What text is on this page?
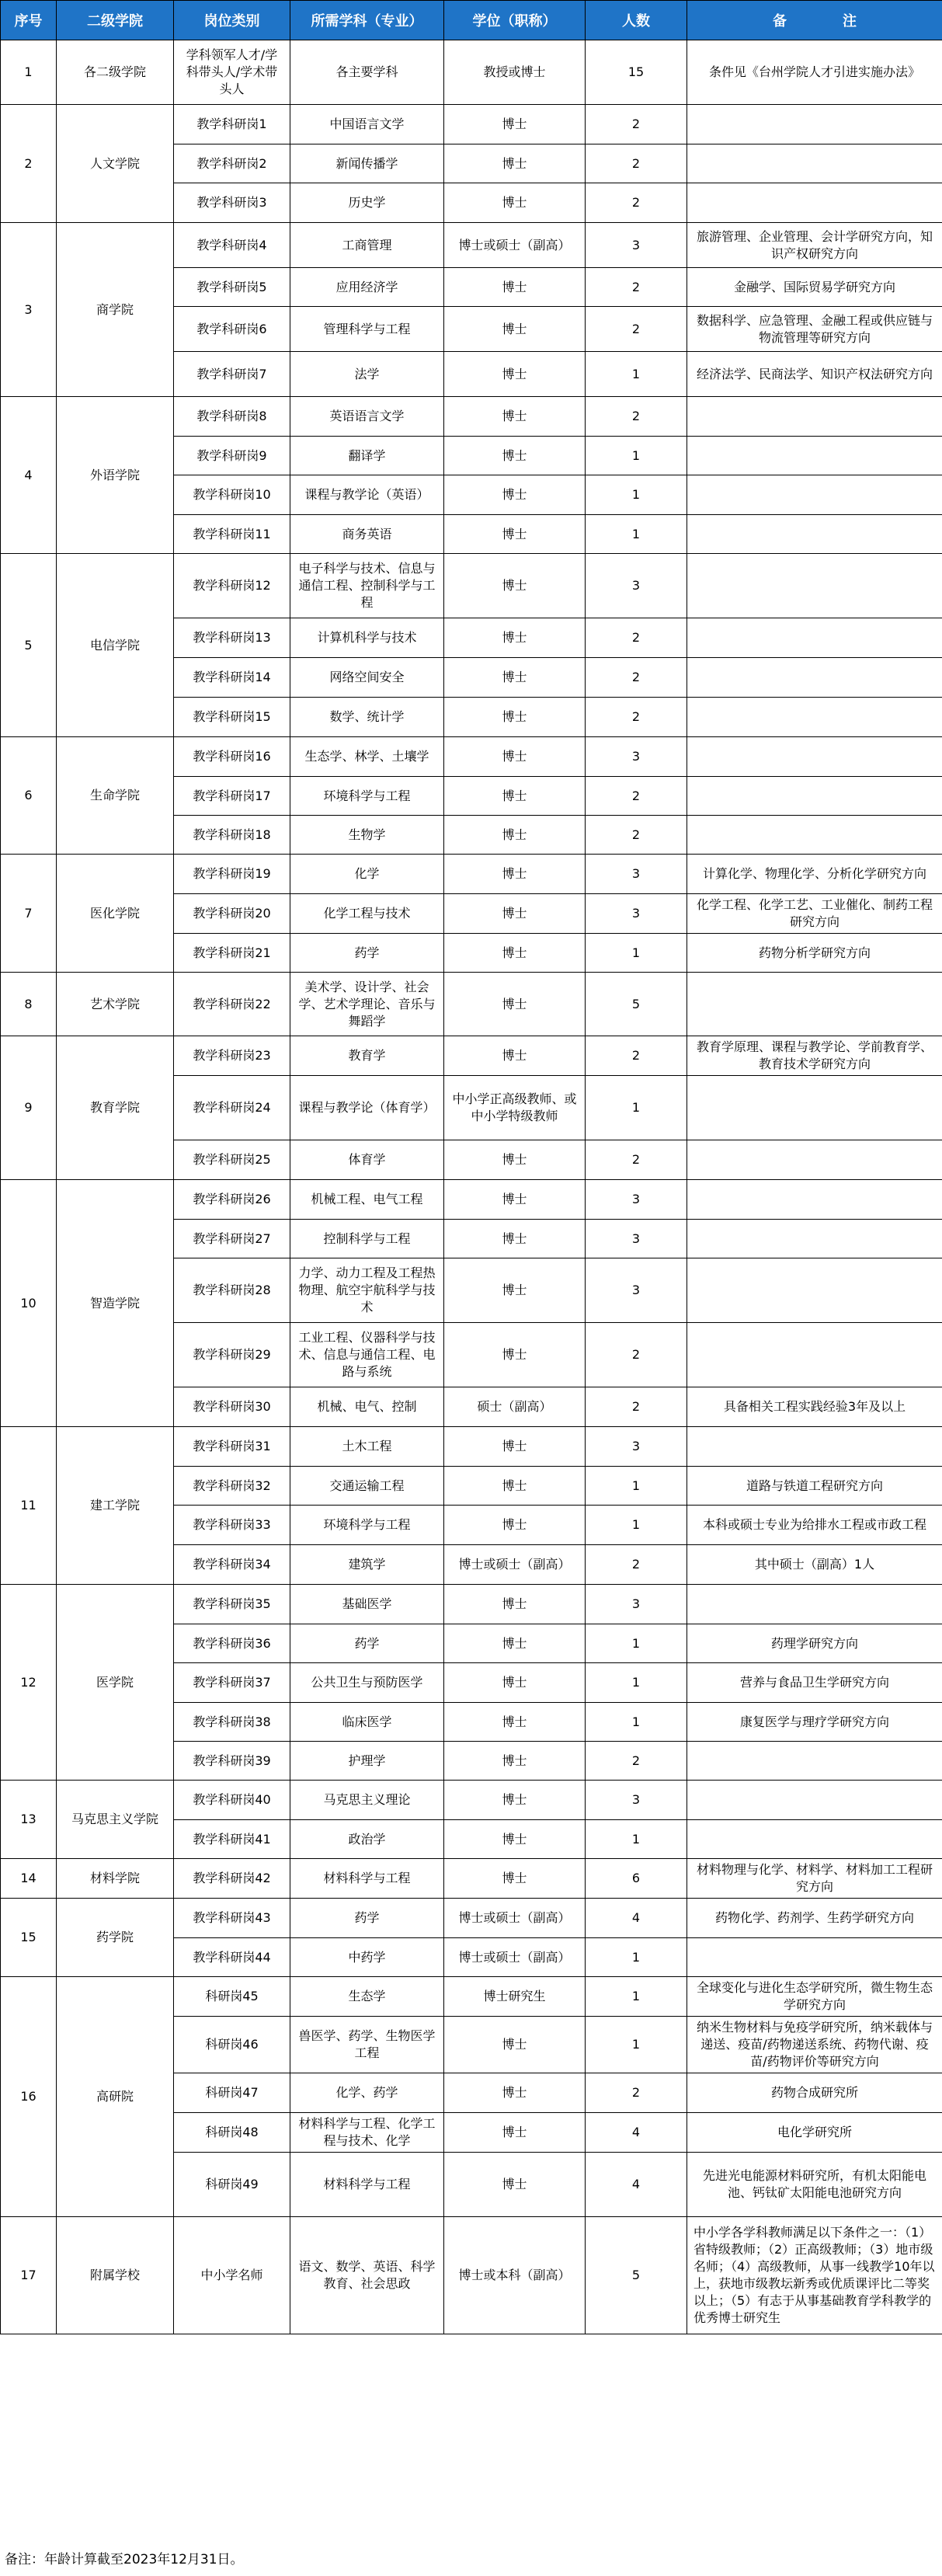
序号	二级学院	岗位类别	所需学科（专业）	学位（职称）	人数	备　　　　注
1	各二级学院	学科领军人才/学科带头人/学术带头人	各主要学科	教授或博士	15	条件见《台州学院人才引进实施办法》
2	人文学院	教学科研岗1	中国语言文学	博士	2	
		教学科研岗2	新闻传播学	博士	2	
		教学科研岗3	历史学	博士	2	
3	商学院	教学科研岗4	工商管理	博士或硕士（副高）	3	旅游管理、企业管理、会计学研究方向，知识产权研究方向
		教学科研岗5	应用经济学	博士	2	金融学、国际贸易学研究方向
		教学科研岗6	管理科学与工程	博士	2	数据科学、应急管理、金融工程或供应链与物流管理等研究方向
		教学科研岗7	法学	博士	1	经济法学、民商法学、知识产权法研究方向
4	外语学院	教学科研岗8	英语语言文学	博士	2	
		教学科研岗9	翻译学	博士	1	
		教学科研岗10	课程与教学论（英语）	博士	1	
		教学科研岗11	商务英语	博士	1	
5	电信学院	教学科研岗12	电子科学与技术、信息与通信工程、控制科学与工程	博士	3	
		教学科研岗13	计算机科学与技术	博士	2	
		教学科研岗14	网络空间安全	博士	2	
		教学科研岗15	数学、统计学	博士	2	
6	生命学院	教学科研岗16	生态学、林学、土壤学	博士	3	
		教学科研岗17	环境科学与工程	博士	2	
		教学科研岗18	生物学	博士	2	
7	医化学院	教学科研岗19	化学	博士	3	计算化学、物理化学、分析化学研究方向
		教学科研岗20	化学工程与技术	博士	3	化学工程、化学工艺、工业催化、制药工程研究方向
		教学科研岗21	药学	博士	1	药物分析学研究方向
8	艺术学院	教学科研岗22	美术学、设计学、社会学、艺术学理论、音乐与舞蹈学	博士	5	
9	教育学院	教学科研岗23	教育学	博士	2	教育学原理、课程与教学论、学前教育学、教育技术学研究方向
		教学科研岗24	课程与教学论（体育学）	中小学正高级教师、或中小学特级教师	1	
		教学科研岗25	体育学	博士	2	
10	智造学院	教学科研岗26	机械工程、电气工程	博士	3	
		教学科研岗27	控制科学与工程	博士	3	
		教学科研岗28	力学、动力工程及工程热物理、航空宇航科学与技术	博士	3	
		教学科研岗29	工业工程、仪器科学与技术、信息与通信工程、电路与系统	博士	2	
		教学科研岗30	机械、电气、控制	硕士（副高）	2	具备相关工程实践经验3年及以上
11	建工学院	教学科研岗31	土木工程	博士	3	
		教学科研岗32	交通运输工程	博士	1	道路与铁道工程研究方向
		教学科研岗33	环境科学与工程	博士	1	本科或硕士专业为给排水工程或市政工程
		教学科研岗34	建筑学	博士或硕士（副高）	2	其中硕士（副高）1人
12	医学院	教学科研岗35	基础医学	博士	3	
		教学科研岗36	药学	博士	1	药理学研究方向
		教学科研岗37	公共卫生与预防医学	博士	1	营养与食品卫生学研究方向
		教学科研岗38	临床医学	博士	1	康复医学与理疗学研究方向
		教学科研岗39	护理学	博士	2	
13	马克思主义学院	教学科研岗40	马克思主义理论	博士	3	
		教学科研岗41	政治学	博士	1	
14	材料学院	教学科研岗42	材料科学与工程	博士	6	材料物理与化学、材料学、材料加工工程研究方向
15	药学院	教学科研岗43	药学	博士或硕士（副高）	4	药物化学、药剂学、生药学研究方向
		教学科研岗44	中药学	博士或硕士（副高）	1	
16	高研院	科研岗45	生态学	博士研究生	1	全球变化与进化生态学研究所，微生物生态学研究方向
		科研岗46	兽医学、药学、生物医学工程	博士	1	纳米生物材料与免疫学研究所，纳米载体与递送、疫苗/药物递送系统、药物代谢、疫苗/药物评价等研究方向
		科研岗47	化学、药学	博士	2	药物合成研究所
		科研岗48	材料科学与工程、化学工程与技术、化学	博士	4	电化学研究所
		科研岗49	材料科学与工程	博士	4	先进光电能源材料研究所，有机太阳能电池、钙钛矿太阳能电池研究方向
17	附属学校	中小学名师	语文、数学、英语、科学教育、社会思政	博士或本科（副高）	5	中小学各学科教师满足以下条件之一：（1）省特级教师；（2）正高级教师；（3）地市级名师；（4）高级教师，从事一线教学10年以上，获地市级教坛新秀或优质课评比二等奖以上；（5）有志于从事基础教育学科教学的优秀博士研究生
备注：年龄计算截至2023年12月31日。
